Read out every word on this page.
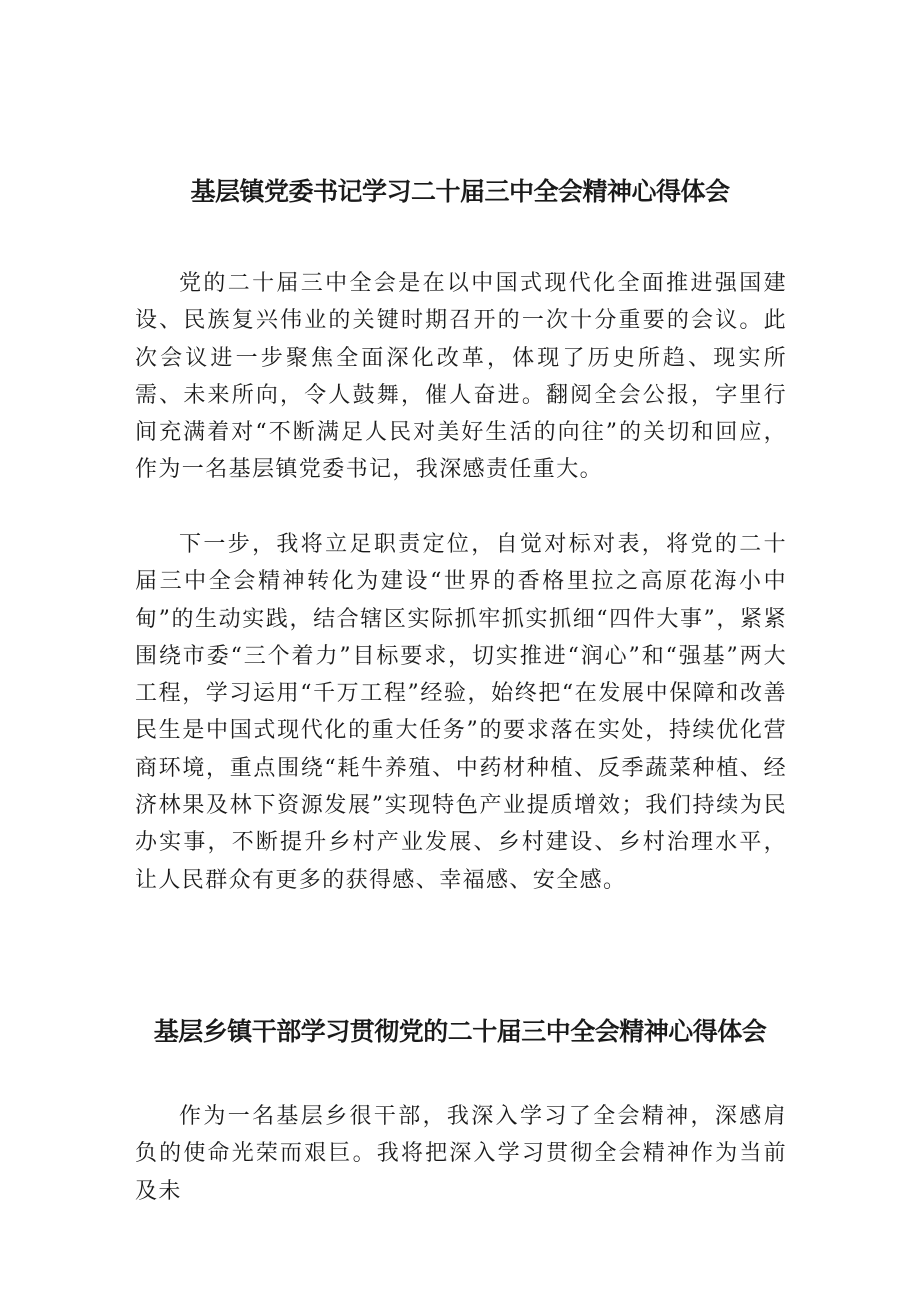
基层镇党委书记学习二十届三中全会精神心得体会

党的二十届三中全会是在以中国式现代化全面推进强国建设、民族复兴伟业的关键时期召开的一次十分重要的会议。此次会议进一步聚焦全面深化改革，体现了历史所趋、现实所需、未来所向，令人鼓舞，催人奋进。翻阅全会公报，字里行间充满着对“不断满足人民对美好生活的向往”的关切和回应，作为一名基层镇党委书记，我深感责任重大。

下一步，我将立足职责定位，自觉对标对表，将党的二十届三中全会精神转化为建设“世界的香格里拉之高原花海小中甸”的生动实践，结合辖区实际抓牢抓实抓细“四件大事”，紧紧围绕市委“三个着力”目标要求，切实推进“润心”和“强基”两大工程，学习运用“千万工程”经验，始终把“在发展中保障和改善民生是中国式现代化的重大任务”的要求落在实处，持续优化营商环境，重点围绕“耗牛养殖、中药材种植、反季蔬菜种植、经济林果及林下资源发展”实现特色产业提质增效；我们持续为民办实事，不断提升乡村产业发展、乡村建设、乡村治理水平，让人民群众有更多的获得感、幸福感、安全感。

基层乡镇干部学习贯彻党的二十届三中全会精神心得体会

作为一名基层乡很干部，我深入学习了全会精神，深感肩负的使命光荣而艰巨。我将把深入学习贯彻全会精神作为当前及未
